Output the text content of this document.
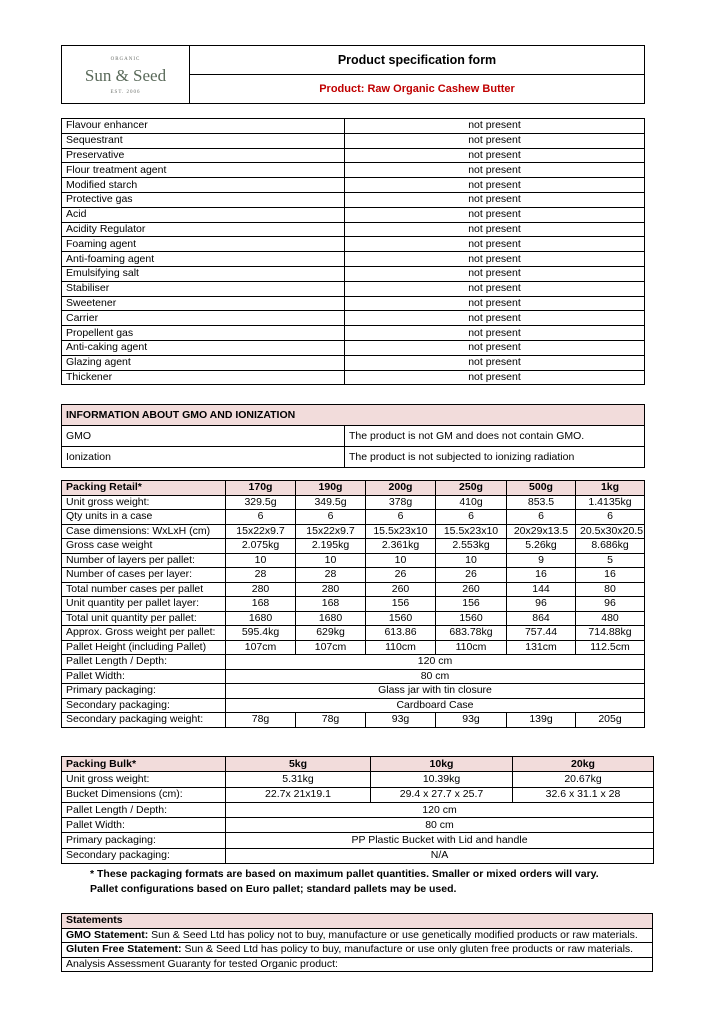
ORGANIC
Sun & Seed
EST. 2006
	Product specification form
Product: Raw Organic Cashew Butter
Flavour enhancer	not present
Sequestrant	not present
Preservative	not present
Flour treatment agent	not present
Modified starch	not present
Protective gas	not present
Acid	not present
Acidity Regulator	not present
Foaming agent	not present
Anti-foaming agent	not present
Emulsifying salt	not present
Stabiliser	not present
Sweetener	not present
Carrier	not present
Propellent gas	not present
Anti-caking agent	not present
Glazing agent	not present
Thickener	not present
INFORMATION ABOUT GMO AND IONIZATION	
GMO	The product is not GM and does not contain GMO.
Ionization	The product is not subjected to ionizing radiation
Packing Retail*	170g	190g	200g	250g	500g	1kg
Unit gross weight:	329.5g	349.5g	378g	410g	853.5	1.4135kg
Qty units in a case	6	6	6	6	6	6
Case dimensions: WxLxH (cm)	15x22x9.7	15x22x9.7	15.5x23x10	15.5x23x10	20x29x13.5	20.5x30x20.5
Gross case weight	2.075kg	2.195kg	2.361kg	2.553kg	5.26kg	8.686kg
Number of layers per pallet:	10	10	10	10	9	5
Number of cases per layer:	28	28	26	26	16	16
Total number cases per pallet	280	280	260	260	144	80
Unit quantity per pallet layer:	168	168	156	156	96	96
Total unit quantity per pallet:	1680	1680	1560	1560	864	480
Approx. Gross weight per pallet:	595.4kg	629kg	613.86	683.78kg	757.44	714.88kg
Pallet Height (including Pallet)	107cm	107cm	110cm	110cm	131cm	112.5cm
Pallet Length / Depth:	120 cm					
Pallet Width:	80 cm					
Primary packaging:	Glass jar with tin closure					
Secondary packaging:	Cardboard Case					
Secondary packaging weight:	78g	78g	93g	93g	139g	205g
Packing Bulk*	5kg	10kg	20kg
Unit gross weight:	5.31kg	10.39kg	20.67kg
Bucket Dimensions (cm):	22.7x 21x19.1	29.4 x 27.7 x 25.7	32.6 x 31.1 x 28
Pallet Length / Depth:	120 cm		
Pallet Width:	80 cm		
Primary packaging:	PP Plastic Bucket with Lid and handle		
Secondary packaging:	N/A		
* These packaging formats are based on maximum pallet quantities. Smaller or mixed orders will vary. Pallet configurations based on Euro pallet; standard pallets may be used.
Statements
GMO Statement: Sun & Seed Ltd has policy not to buy, manufacture or use genetically modified products or raw materials.
Gluten Free Statement: Sun & Seed Ltd has policy to buy, manufacture or use only gluten free products or raw materials.
Analysis Assessment Guaranty for tested Organic product:
